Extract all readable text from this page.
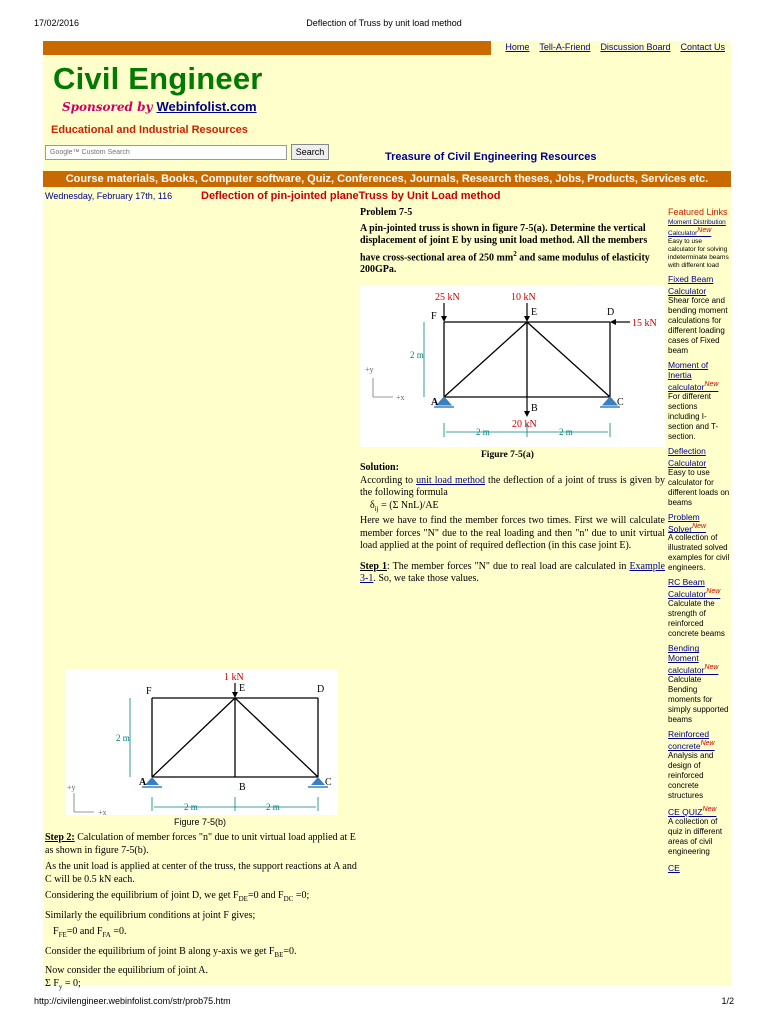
17/02/2016	Deflection of Truss by unit load method
Home Tell-A-Friend Discussion Board Contact Us
Civil Engineer
Sponsored by Webinfolist.com
Educational and Industrial Resources
Google™ Custom Search
Search	Treasure of Civil Engineering Resources
Course materials, Books, Computer software, Quiz, Conferences, Journals, Research theses, Jobs, Products, Services etc.
Wednesday, February 17th, 116	Deflection of pin-jointed planeTruss by Unit Load method
Problem 7-5
A pin-jointed truss is shown in figure 7-5(a). Determine the vertical displacement of joint E by using unit load method. All the members have cross-sectional area of 250 $mm^2$ and same modulus of elasticity 200GPa.
25 kN	10 kN
15 kN
20 kN
A
B
C
D
E
F
2 m
2 m	2 m
+y
+x
Figure 7-5(a)
Solution:
According to unit load method the deflection of a joint of truss is given by the following formula
$\delta_{ij} = (\Sigma$ NnL)/AE
Here we have to find the member forces two times. First we will calculate member forces "N" due to the real loading and then "n" due to unit virtual load applied at the point of required deflection (in this case joint E).
Step 1: The member forces "N" due to real load are calculated in Example 3-1. So, we take those values.
1 kN
A	B	C
D
E
F
2 m
2 m	2 m
+y
+x
Figure 7-5(b)

Step 2: Calculation of member forces "n" due to unit virtual load applied at E as shown in figure 7-5(b).

As the unit load is applied at center of the truss, the support reactions at A and C will be 0.5 kN each.

Considering the equilibrium of joint D, we get $F_{DE}=0$ and $F_{DC} =0$;

Similarly the equilibrium conditions at joint F gives;

$F_{FE}=0$ and $F_{FA} =0$.

Consider the equilibrium of joint B along y-axis we get $F_{BE}=0$.

Now consider the equilibrium of joint A.

Σ $F_y = 0$;

Featured Links
Moment Distribution CalculatorNew
Easy to use calculator for solving indeterminate beams with different load
Fixed Beam Calculator
Shear force and bending moment calculations for different loading cases of Fixed beam
Moment of Inertia calculator$^{New}$
For different sections including I-section and T-section.
Deflection Calculator
Easy to use calculator for different loads on beams
Problem Solver$^{New}$
A collection of illustrated solved examples for civil engineers.
RC Beam Calculator$^{New}$
Calculate the strength of reinforced concrete beams
Bending Moment calculator$^{New}$
Calculate Bending moments for simply supported beams
Reinforced concrete$^{New}$
Analysis and design of reinforced concrete structures
CE $QUIZ^{New}$
A collection of quiz in different areas of civil engineering
CE
http://civilengineer.webinfolist.com/str/prob75.htm	1/2
